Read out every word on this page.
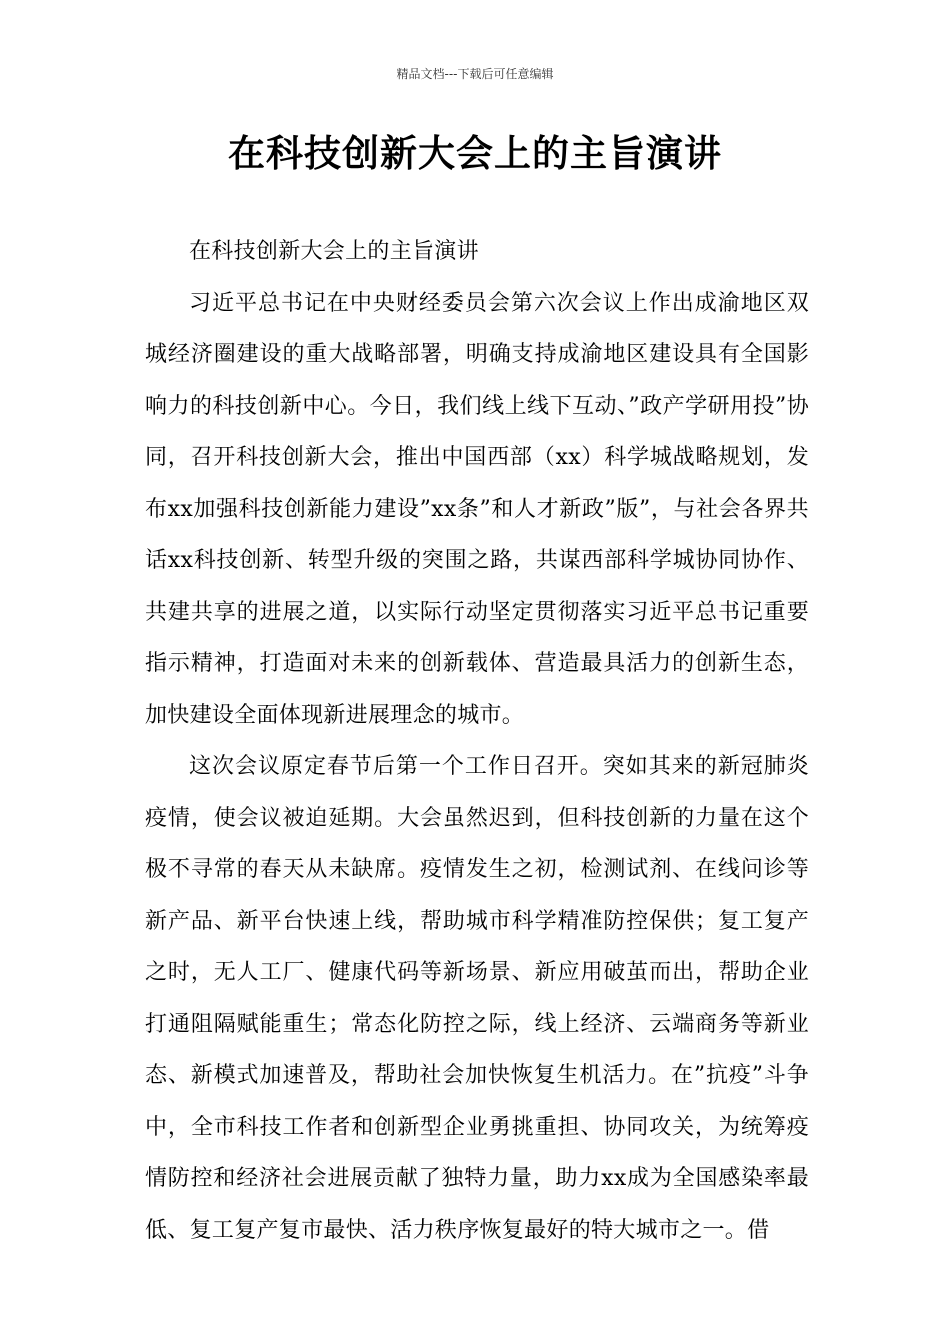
精品文档---下载后可任意编辑
在科技创新大会上的主旨演讲

在科技创新大会上的主旨演讲

习近平总书记在中央财经委员会第六次会议上作出成渝地区双城经济圈建设的重大战略部署，明确支持成渝地区建设具有全国影响力的科技创新中心。今日，我们线上线下互动、”政产学研用投”协同，召开科技创新大会，推出中国西部（xx）科学城战略规划，发布xx加强科技创新能力建设”xx条”和人才新政”版”，与社会各界共话xx科技创新、转型升级的突围之路，共谋西部科学城协同协作、共建共享的进展之道，以实际行动坚定贯彻落实习近平总书记重要指示精神，打造面对未来的创新载体、营造最具活力的创新生态，加快建设全面体现新进展理念的城市。

这次会议原定春节后第一个工作日召开。突如其来的新冠肺炎疫情，使会议被迫延期。大会虽然迟到，但科技创新的力量在这个极不寻常的春天从未缺席。疫情发生之初，检测试剂、在线问诊等新产品、新平台快速上线，帮助城市科学精准防控保供；复工复产之时，无人工厂、健康代码等新场景、新应用破茧而出，帮助企业打通阻隔赋能重生；常态化防控之际，线上经济、云端商务等新业态、新模式加速普及，帮助社会加快恢复生机活力。在”抗疫”斗争中，全市科技工作者和创新型企业勇挑重担、协同攻关，为统筹疫情防控和经济社会进展贡献了独特力量，助力xx成为全国感染率最低、复工复产复市最快、活力秩序恢复最好的特大城市之一。借
